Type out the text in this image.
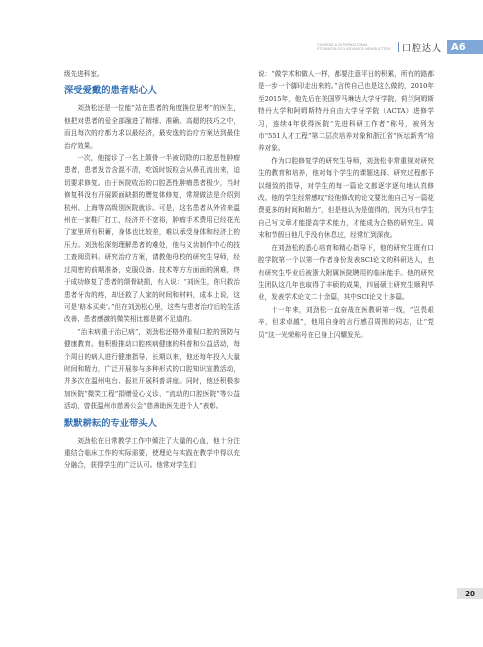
CHINESE & INTERNATIONAL STOMATOLOGY ADVANCE NEWSLETTER	口腔达人 A6

级先进科室。

深受爱戴的患者贴心人

刘劲松还是一位能“站在患者的角度换位思考”的医生，他把对患者的爱全部融进了精细、准确、高超的技巧之中，而且每次的疗都力求以最经济，最安逸的治疗方案达到最佳治疗效果。

一次，他接诊了一名上颌骨一半被切除的口腔恶性肿瘤患者，患者发音含混不清，吃饭时饭粒会从鼻孔流出来，迫切要求修复。由于医院收治的口腔恶性肿瘤患者极少，当时修复科没有开展颌面缺损的赝复体修复，常规做法是介绍到杭州、上海等高级别医院就诊。可是，这名患者从外省来温州在一家鞋厂打工，经济并不宽裕，肿瘤手术费用已经花光了家里所有积蓄，身体也比较差，难以承受身体和经济上的压力。刘劲松深刻理解患者的难处，他与义齿制作中心的技工查阅资料、研究治疗方案，请教他母校的研究生导师，经过周密的前期准备，克服设备、技术等方方面面的困难，终于成功修复了患者的颌骨缺损，有人说：“刘医生，你只救治患者牙齿的疼，却还救了人家的时间和材料，成本上说，这可是‘赔本买卖’。”但在刘劲松心里，这些与患者治疗后的生活改善、患者感激的微笑相比都是微不足道的。

“治未病重于治已病”，刘劲松还格外重视口腔的预防与健康教育。他积极推动口腔疾病健康的科普和公益活动，每个周日的病人进行健康指导，长期以来，他还每年投入大量时间和精力，广泛开展参与多种形式的口腔知识宣教活动，并多次在温州电台、报社开展科普讲座。同时，他还积极参加医院“微笑工程”捐赠爱心义诊、“流动的口腔医院”等公益活动，曾获温州市慈善公会“慈善助医先进个人”表彰。

默默耕耘的专业带头人

刘劲松在日常教学工作中倾注了大量的心血，他十分注重结合临床工作的实际需要，使理论与实践在教学中得以充分融合，获得学生的广泛认可。他常对学生们

说：“做学术和做人一样，都要注意平日的积累，所有的路都是一步一个脚印走出来的。”言传自己也是这么做的，2010年至2015年，他先后在美国罗马琳达大学牙学院、荷兰阿姆斯特丹大学和阿姆斯特丹自由大学牙学院（ACTA）进修学习，连续4年获得医院“先进科研工作者”称号，被列为市“551人才工程”第二层次培养对象和浙江省“医坛新秀”培养对象。

作为口腔修复学的研究生导师，刘劲松非常重视对研究生的教育和培养，他对每个学生的课题选择、研究过程都予以细致的指导，对学生的每一篇论文都逐字逐句地认真修改。他的学生经常感叹“经他修改的论文要比他自己写一篇花费更多的时间和精力”，但是他认为是值得的，因为只有学生自己写文章才能提高学术能力，才能成为合格的研究生。周末和节假日他几乎没有休息过，经常忙到深夜。

在刘劲松的悉心培育和精心指导下，他的研究生既有口腔学院第一个以第一作者身份发表SCI论文的科研达人，也有研究生毕业后被浙大附属医院聘用的临床能手。他的研究生团队这几年也取得了丰硕的成果，四届硕士研究生顺利毕业，发表学术论文二十余篇，其中SCI论文十多篇。

十一年来，刘劲松一直奋战在医教研第一线，“岂畏艰辛，但求卓越”，他用自身的言行感召周围的同志，让“党员”这一光荣称号在已身上闪耀发光。

20
